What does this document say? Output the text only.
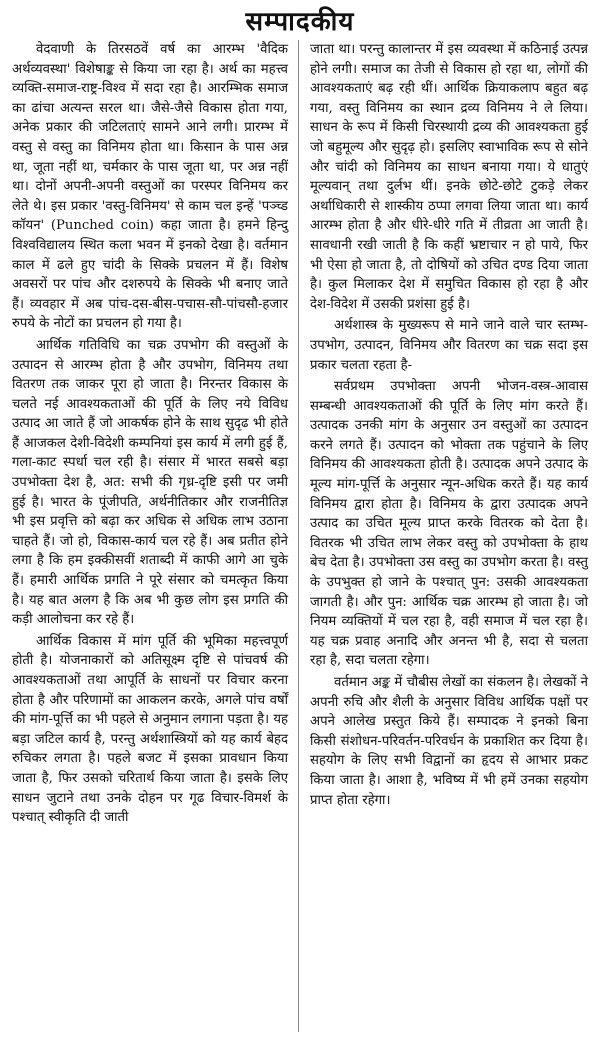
सम्पादकीय

वेदवाणी के तिरसठवें वर्ष का आरम्भ 'वैदिक अर्थव्यवस्था' विशेषाङ्क से किया जा रहा है। अर्थ का महत्त्व व्यक्ति-समाज-राष्ट्र-विश्व में सदा रहा है। आरम्भिक समाज का ढांचा अत्यन्त सरल था। जैसे-जैसे विकास होता गया, अनेक प्रकार की जटिलताएं सामने आने लगी। प्रारम्भ में वस्तु से वस्तु का विनिमय होता था। किसान के पास अन्न था, जूता नहीं था, चर्मकार के पास जूता था, पर अन्न नहीं था। दोनों अपनी-अपनी वस्तुओं का परस्पर विनिमय कर लेते थे। इस प्रकार 'वस्तु-विनिमय' से काम चल इन्हें 'पञ्च्ड कॉयन' (Punched coin) कहा जाता है। हमने हिन्दु विश्वविद्यालय स्थित कला भवन में इनको देखा है। वर्तमान काल में ढले हुए चांदी के सिक्के प्रचलन में हैं। विशेष अवसरों पर पांच और दशरुपये के सिक्के भी बनाए जाते हैं। व्यवहार में अब पांच-दस-बीस-पचास-सौ-पांचसौ-हजार रुपये के नोटों का प्रचलन हो गया है।

आर्थिक गतिविधि का चक्र उपभोग की वस्तुओं के उत्पादन से आरम्भ होता है और उपभोग, विनिमय तथा वितरण तक जाकर पूरा हो जाता है। निरन्तर विकास के चलते नई आवश्यकताओं की पूर्ति के लिए नये विविध उत्पाद आ जाते हैं जो आकर्षक होने के साथ सुदृढ भी होते हैं आजकल देशी-विदेशी कम्पनियां इस कार्य में लगी हुई हैं, गला-काट स्पर्धा चल रही है। संसार में भारत सबसे बड़ा उपभोक्ता देश है, अत: सभी की गृध्र-दृष्टि इसी पर जमी हुई है। भारत के पूंजीपति, अर्थनीतिकार और राजनीतिज्ञ भी इस प्रवृत्ति को बढ़ा कर अधिक से अधिक लाभ उठाना चाहते हैं। जो हो, विकास-कार्य चल रहे हैं। अब प्रतीत होने लगा है कि हम इक्कीसवीं शताब्दी में काफी आगे आ चुके हैं। हमारी आर्थिक प्रगति ने पूरे संसार को चमत्कृत किया है। यह बात अलग है कि अब भी कुछ लोग इस प्रगति की कड़ी आलोचना कर रहे हैं।

आर्थिक विकास में मांग पूर्ति की भूमिका महत्त्वपूर्ण होती है। योजनाकारों को अतिसूक्ष्म दृष्टि से पांचवर्ष की आवश्यकताओं तथा आपूर्ति के साधनों पर विचार करना होता है और परिणामों का आकलन करके, अगले पांच वर्षों की मांग-पूर्त्ति का भी पहले से अनुमान लगाना पड़ता है। यह बड़ा जटिल कार्य है, परन्तु अर्थशास्त्रियों को यह कार्य बेहद रुचिकर लगता है। पहले बजट में इसका प्रावधान किया जाता है, फिर उसको चरितार्थ किया जाता है। इसके लिए साधन जुटाने तथा उनके दोहन पर गूढ विचार-विमर्श के पश्चात् स्वीकृति दी जाती

जाता था। परन्तु कालान्तर में इस व्यवस्था में कठिनाई उत्पन्न होने लगी। समाज का तेजी से विकास हो रहा था, लोगों की आवश्यकताएं बढ़ रही थीं। आर्थिक क्रियाकलाप बहुत बढ़ गया, वस्तु विनिमय का स्थान द्रव्य विनिमय ने ले लिया। साधन के रूप में किसी चिरस्थायी द्रव्य की आवश्यकता हुई जो बहुमूल्य और सुदृढ़ हो। इसलिए स्वाभाविक रूप से सोने और चांदी को विनिमय का साधन बनाया गया। ये धातुएं मूल्यवान् तथा दुर्लभ थीं। इनके छोटे-छोटे टुकड़े लेकर अर्थाधिकारी से शास्कीय ठप्पा लगवा लिया जाता था। कार्य आरम्भ होता है और धीरे-धीरे गति में तीव्रता आ जाती है। सावधानी रखी जाती है कि कहीं भ्रष्टाचार न हो पाये, फिर भी ऐसा हो जाता है, तो दोषियों को उचित दण्ड दिया जाता है। कुल मिलाकर देश में समुचित विकास हो रहा है और देश-विदेश में उसकी प्रशंसा हुई है।

अर्थशास्त्र के मुख्यरूप से माने जाने वाले चार स्तम्भ-उपभोग, उत्पादन, विनिमय और वितरण का चक्र सदा इस प्रकार चलता रहता है-

सर्वप्रथम उपभोक्ता अपनी भोजन-वस्त्र-आवास सम्बन्धी आवश्यकताओं की पूर्ति के लिए मांग करते हैं। उत्पादक उनकी मांग के अनुसार उन वस्तुओं का उत्पादन करने लगते हैं। उत्पादन को भोक्ता तक पहुंचाने के लिए विनिमय की आवश्यकता होती है। उत्पादक अपने उत्पाद के मूल्य मांग-पूर्त्ति के अनुसार न्यून-अधिक करते हैं। यह कार्य विनिमय द्वारा होता है। विनिमय के द्वारा उत्पादक अपने उत्पाद का उचित मूल्य प्राप्त करके वितरक को देता है। वितरक भी उचित लाभ लेकर वस्तु को उपभोक्ता के हाथ बेच देता है। उपभोक्ता उस वस्तु का उपभोग करता है। वस्तु के उपभुक्त हो जाने के पश्चात् पुन: उसकी आवश्यकता जागती है। और पुन: आर्थिक चक्र आरम्भ हो जाता है। जो नियम व्यक्तियों में चल रहा है, वही समाज में चल रहा है। यह चक्र प्रवाह अनादि और अनन्त भी है, सदा से चलता रहा है, सदा चलता रहेगा।

वर्तमान अङ्क में चौबीस लेखों का संकलन है। लेखकों ने अपनी रुचि और शैली के अनुसार विविध आर्थिक पक्षों पर अपने आलेख प्रस्तुत किये हैं। सम्पादक ने इनको बिना किसी संशोधन-परिवर्तन-परिवर्धन के प्रकाशित कर दिया है। सहयोग के लिए सभी विद्वानों का हृदय से आभार प्रकट किया जाता है। आशा है, भविष्य में भी हमें उनका सहयोग प्राप्त होता रहेगा।
